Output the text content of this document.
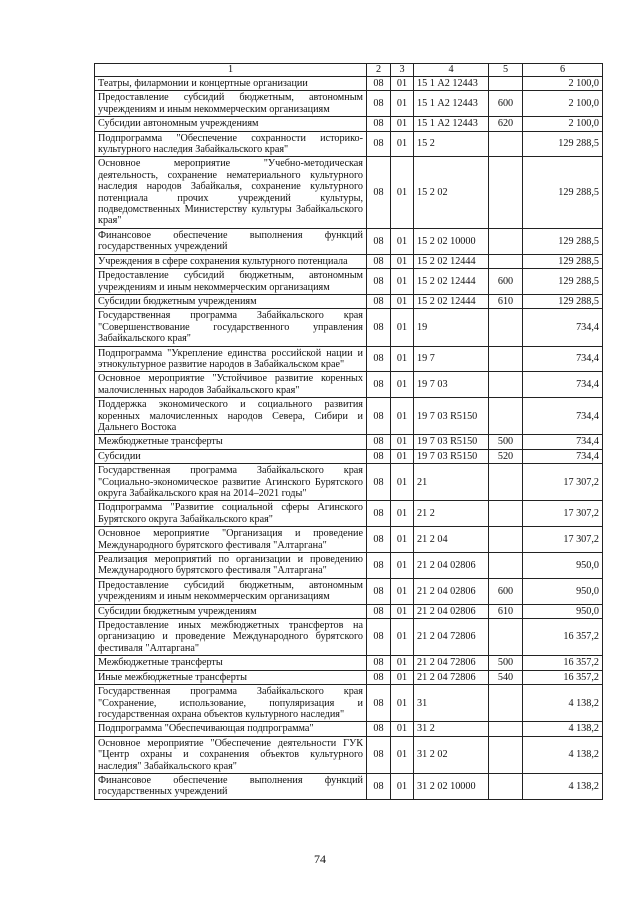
1	2	3	4	5	6
Театры, филармонии и концертные организации	08	01	15 1 А2 12443		2 100,0
Предоставление субсидий бюджетным, автономным учреждениям и иным некоммерческим организациям	08	01	15 1 А2 12443	600	2 100,0
Субсидии автономным учреждениям	08	01	15 1 А2 12443	620	2 100,0
Подпрограмма "Обеспечение сохранности историко-культурного наследия Забайкальского края"	08	01	15 2		129 288,5
Основное мероприятие "Учебно-методическая деятельность, сохранение нематериального культурного наследия народов Забайкалья, сохранение культурного потенциала прочих учреждений культуры, подведомственных Министерству культуры Забайкальского края"	08	01	15 2 02		129 288,5
Финансовое обеспечение выполнения функций государственных учреждений	08	01	15 2 02 10000		129 288,5
Учреждения в сфере сохранения культурного потенциала	08	01	15 2 02 12444		129 288,5
Предоставление субсидий бюджетным, автономным учреждениям и иным некоммерческим организациям	08	01	15 2 02 12444	600	129 288,5
Субсидии бюджетным учреждениям	08	01	15 2 02 12444	610	129 288,5
Государственная программа Забайкальского края "Совершенствование государственного управления Забайкальского края"	08	01	19		734,4
Подпрограмма "Укрепление единства российской нации и этнокультурное развитие народов в Забайкальском крае"	08	01	19 7		734,4
Основное мероприятие "Устойчивое развитие коренных малочисленных народов Забайкальского края"	08	01	19 7 03		734,4
Поддержка экономического и социального развития коренных малочисленных народов Севера, Сибири и Дальнего Востока	08	01	19 7 03 R5150		734,4
Межбюджетные трансферты	08	01	19 7 03 R5150	500	734,4
Субсидии	08	01	19 7 03 R5150	520	734,4
Государственная программа Забайкальского края "Социально-экономическое развитие Агинского Бурятского округа Забайкальского края на 2014–2021 годы"	08	01	21		17 307,2
Подпрограмма "Развитие социальной сферы Агинского Бурятского округа Забайкальского края"	08	01	21 2		17 307,2
Основное мероприятие "Организация и проведение Международного бурятского фестиваля "Алтаргана"	08	01	21 2 04		17 307,2
Реализация мероприятий по организации и проведению Международного бурятского фестиваля "Алтаргана"	08	01	21 2 04 02806		950,0
Предоставление субсидий бюджетным, автономным учреждениям и иным некоммерческим организациям	08	01	21 2 04 02806	600	950,0
Субсидии бюджетным учреждениям	08	01	21 2 04 02806	610	950,0
Предоставление иных межбюджетных трансфертов на организацию и проведение Международного бурятского фестиваля "Алтаргана"	08	01	21 2 04 72806		16 357,2
Межбюджетные трансферты	08	01	21 2 04 72806	500	16 357,2
Иные межбюджетные трансферты	08	01	21 2 04 72806	540	16 357,2
Государственная программа Забайкальского края "Сохранение, использование, популяризация и государственная охрана объектов культурного наследия"	08	01	31		4 138,2
Подпрограмма "Обеспечивающая подпрограмма"	08	01	31 2		4 138,2
Основное мероприятие "Обеспечение деятельности ГУК "Центр охраны и сохранения объектов культурного наследия" Забайкальского края"	08	01	31 2 02		4 138,2
Финансовое обеспечение выполнения функций государственных учреждений	08	01	31 2 02 10000		4 138,2
74
